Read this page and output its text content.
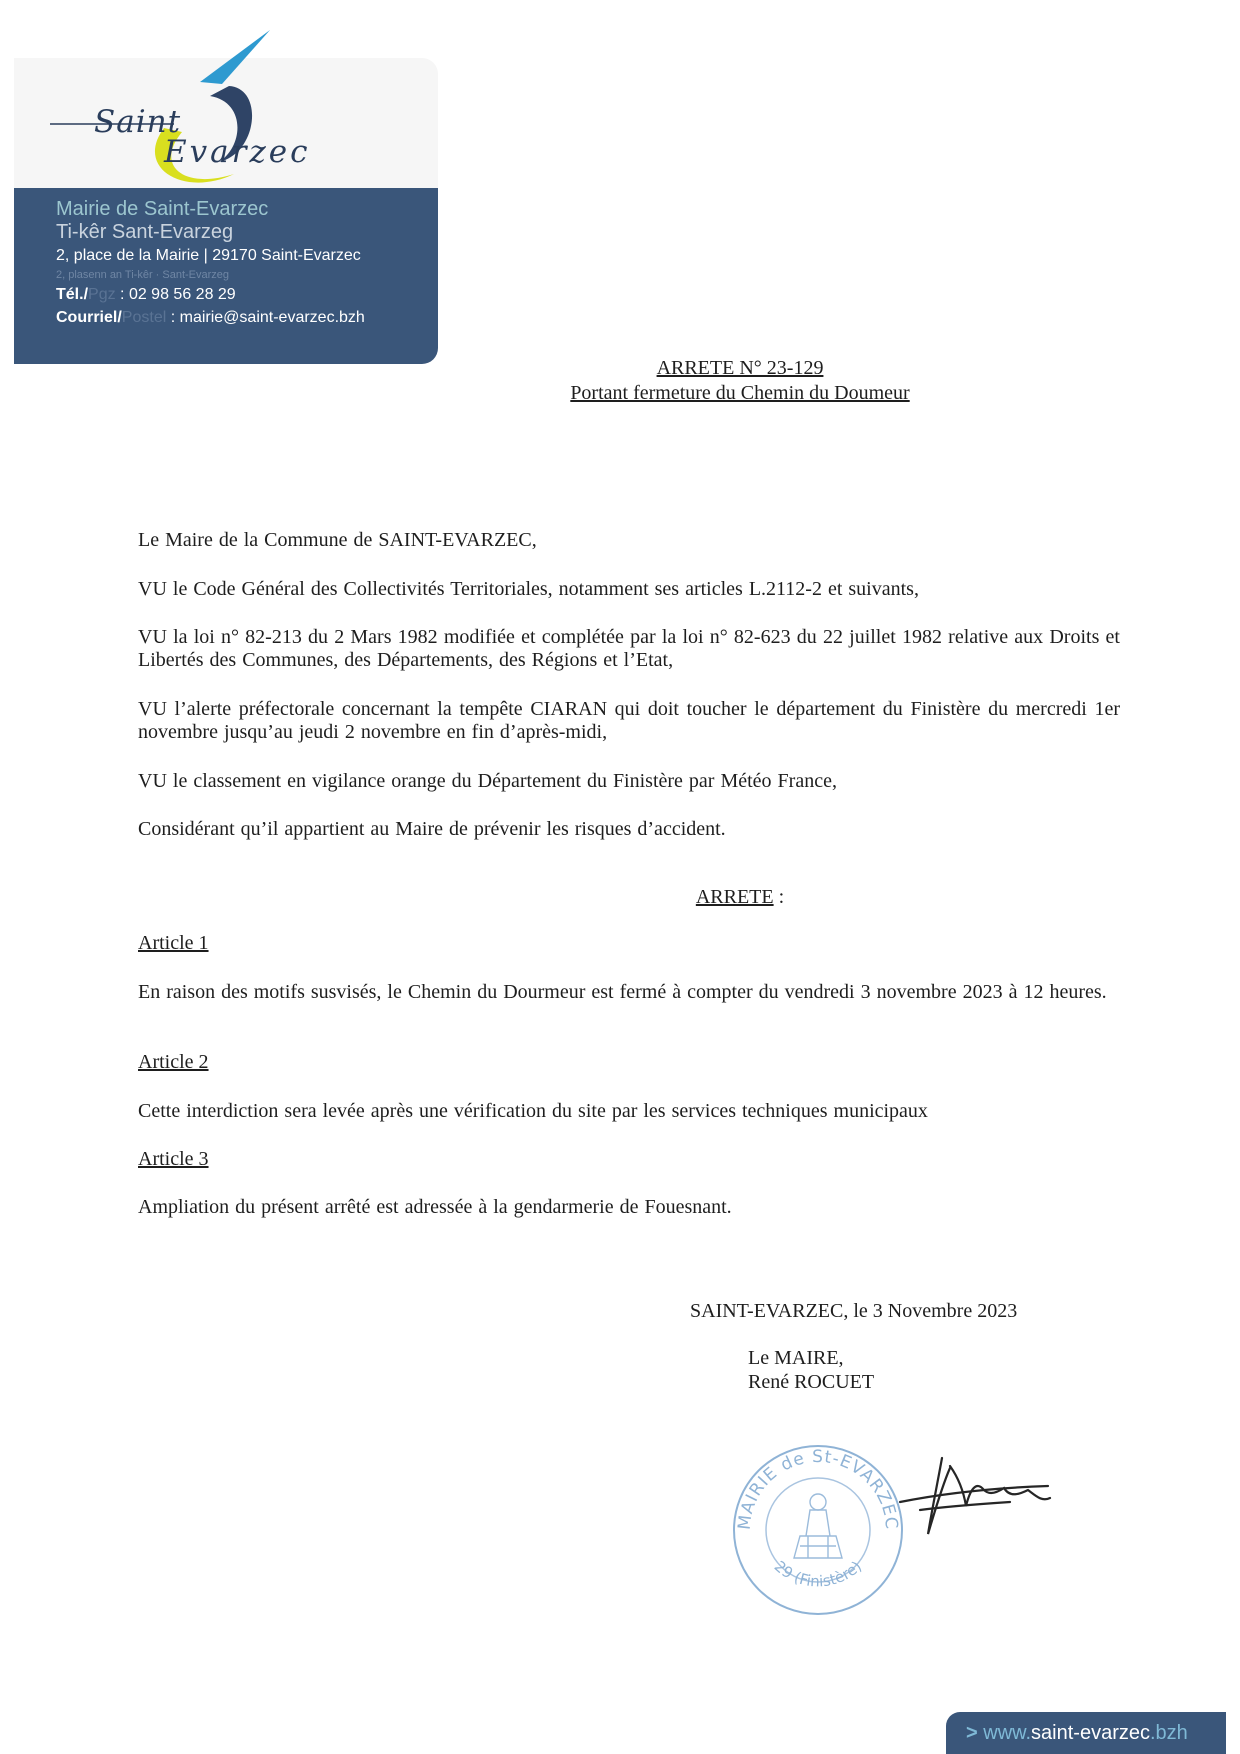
Saint
Evarzec
Mairie de Saint-Evarzec
Ti-kêr Sant-Evarzeg
2, place de la Mairie | 29170 Saint-Evarzec
2, plasenn an Ti-kêr · Sant-Evarzeg
Tél./Pgz : 02 98 56 28 29
Courriel/Postel : mairie@saint-evarzec.bzh
ARRETE N° 23-129
Portant fermeture du Chemin du Doumeur
Le Maire de la Commune de SAINT-EVARZEC,
VU le Code Général des Collectivités Territoriales, notamment ses articles L.2112-2 et suivants,
VU la loi n° 82-213 du 2 Mars 1982 modifiée et complétée par la loi n° 82-623 du 22 juillet 1982 relative aux Droits et Libertés des Communes, des Départements, des Régions et l’Etat,
VU l’alerte préfectorale concernant la tempête CIARAN qui doit toucher le département du Finistère du mercredi 1er novembre jusqu’au jeudi 2 novembre en fin d’après-midi,
VU le classement en vigilance orange du Département du Finistère par Météo France,
Considérant qu’il appartient au Maire de prévenir les risques d’accident.
ARRETE :
Article 1
En raison des motifs susvisés, le Chemin du Dourmeur est fermé à compter du vendredi 3 novembre 2023 à 12 heures.
Article 2
Cette interdiction sera levée après une vérification du site par les services techniques municipaux
Article 3
Ampliation du présent arrêté est adressée à la gendarmerie de Fouesnant.
SAINT-EVARZEC, le 3 Novembre 2023
Le MAIRE,
René ROCUET
MAIRIE de St-EVARZEC
29 (Finistère)
> www.saint-evarzec.bzh
